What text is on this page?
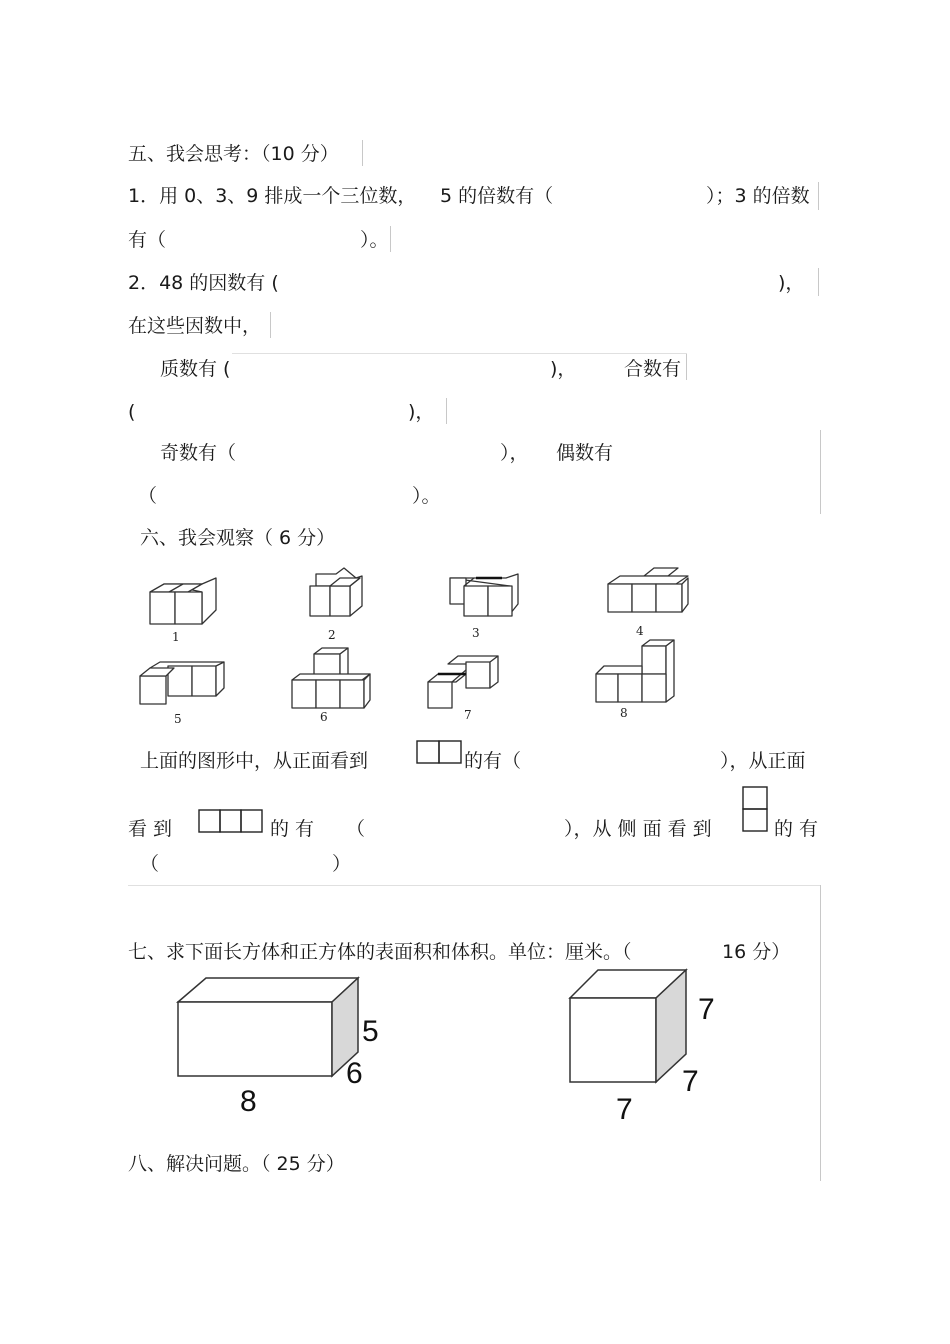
五、我会思考：（10 分）
1．用 0、3、9 排成一个三位数， 5 的倍数有（	）；3 的倍数
有（	）。
2．48 的因数有 (	)，
在这些因数中，
质数有 (	)，	合数有
(	)，
奇数有（	）， 偶数有
（	）。
六、我会观察（ 6 分）
1	2	3	4
5	6	7	8
上面的图形中，从正面看到	的有（	），从正面
看 到	的 有 （	），从 侧 面 看 到	的 有
（	）
七、求下面长方体和正方体的表面积和体积。单位：厘米。（	16 分）
5
6
8
7
7
7
八、解决问题。（ 25 分）
